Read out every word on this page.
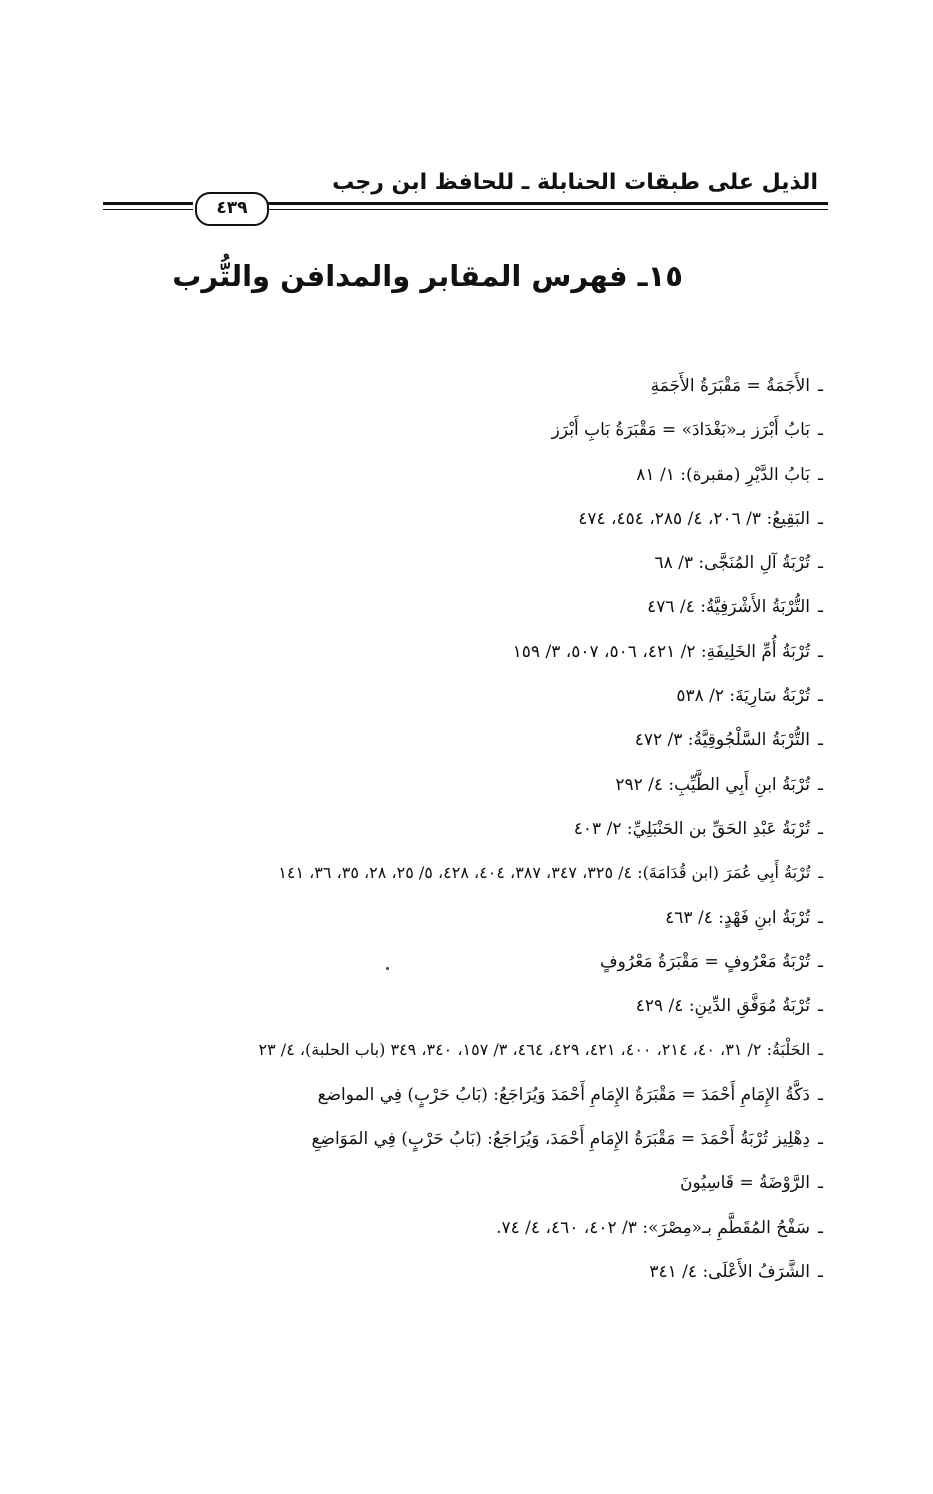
الذيل على طبقات الحنابلة ـ للحافظ ابن رجب
٤٣٩
١٥ـ فهرس المقابر والمدافن والتُّرب
ـالأَجَمَةُ = مَقْبَرَةُ الأَجَمَةِ
ـبَابُ أَبْرَز بـ«بَغْدَادَ» = مَقْبَرَةُ بَابِ أَبْرَز
ـبَابُ الدَّيْرِ (مقبرة): ١/ ٨١
ـالبَقِيعُ: ٣/ ٢٠٦، ٤/ ٢٨٥، ٤٥٤، ٤٧٤
ـتُرْبَةُ آلِ المُنَجَّى: ٣/ ٦٨
ـالتُّرْبَةُ الأَشْرَفِيَّةُ: ٤/ ٤٧٦
ـتُرْبَةُ أُمِّ الخَلِيفَةِ: ٢/ ٤٢١، ٥٠٦، ٥٠٧، ٣/ ١٥٩
ـتُرْبَةُ سَارِيَةَ: ٢/ ٥٣٨
ـالتُّرْبَةُ السَّلْجُوقِيَّةُ: ٣/ ٤٧٢
ـتُرْبَةُ ابنِ أَبِي الطَّيِّبِ: ٤/ ٢٩٢
ـتُرْبَةُ عَبْدِ الحَقِّ بن الحَنْبَلِيِّ: ٢/ ٤٠٣
ـتُرْبَةُ أَبِي عُمَرَ (ابن قُدَامَةَ): ٤/ ٣٢٥، ٣٤٧، ٣٨٧، ٤٠٤، ٤٢٨، ٥/ ٢٥، ٢٨، ٣٥، ٣٦، ١٤١
ـتُرْبَةُ ابنِ فَهْدٍ: ٤/ ٤٦٣
ـتُرْبَةُ مَعْرُوفٍ = مَقْبَرَةُ مَعْرُوفٍ
ـتُرْبَةُ مُوَفَّقِ الدِّينِ: ٤/ ٤٢٩
ـالحَلْبَةُ: ٢/ ٣١، ٤٠، ٢١٤، ٤٠٠، ٤٢١، ٤٢٩، ٤٦٤، ٣/ ١٥٧، ٣٤٠، ٣٤٩ (باب الحلبة)، ٤/ ٢٣
ـدَكَّةُ الإِمَامِ أَحْمَدَ = مَقْبَرَةُ الإِمَامِ أَحْمَدَ وَيُرَاجَعُ: (بَابُ حَرْبٍ) فِي المواضع
ـدِهْلِيز تُرْبَةُ أَحْمَدَ = مَقْبَرَةُ الإِمَامِ أَحْمَدَ، وَيُرَاجَعُ: (بَابُ حَرْبٍ) فِي المَوَاضِعِ
ـالرَّوْضَةُ = قَاسِيُونَ
ـسَفْحُ المُقَطَّمِ بـ«مِصْرَ»: ٣/ ٤٠٢، ٤٦٠، ٤/ ٧٤.
ـالشَّرَفُ الأَعْلَى: ٤/ ٣٤١
